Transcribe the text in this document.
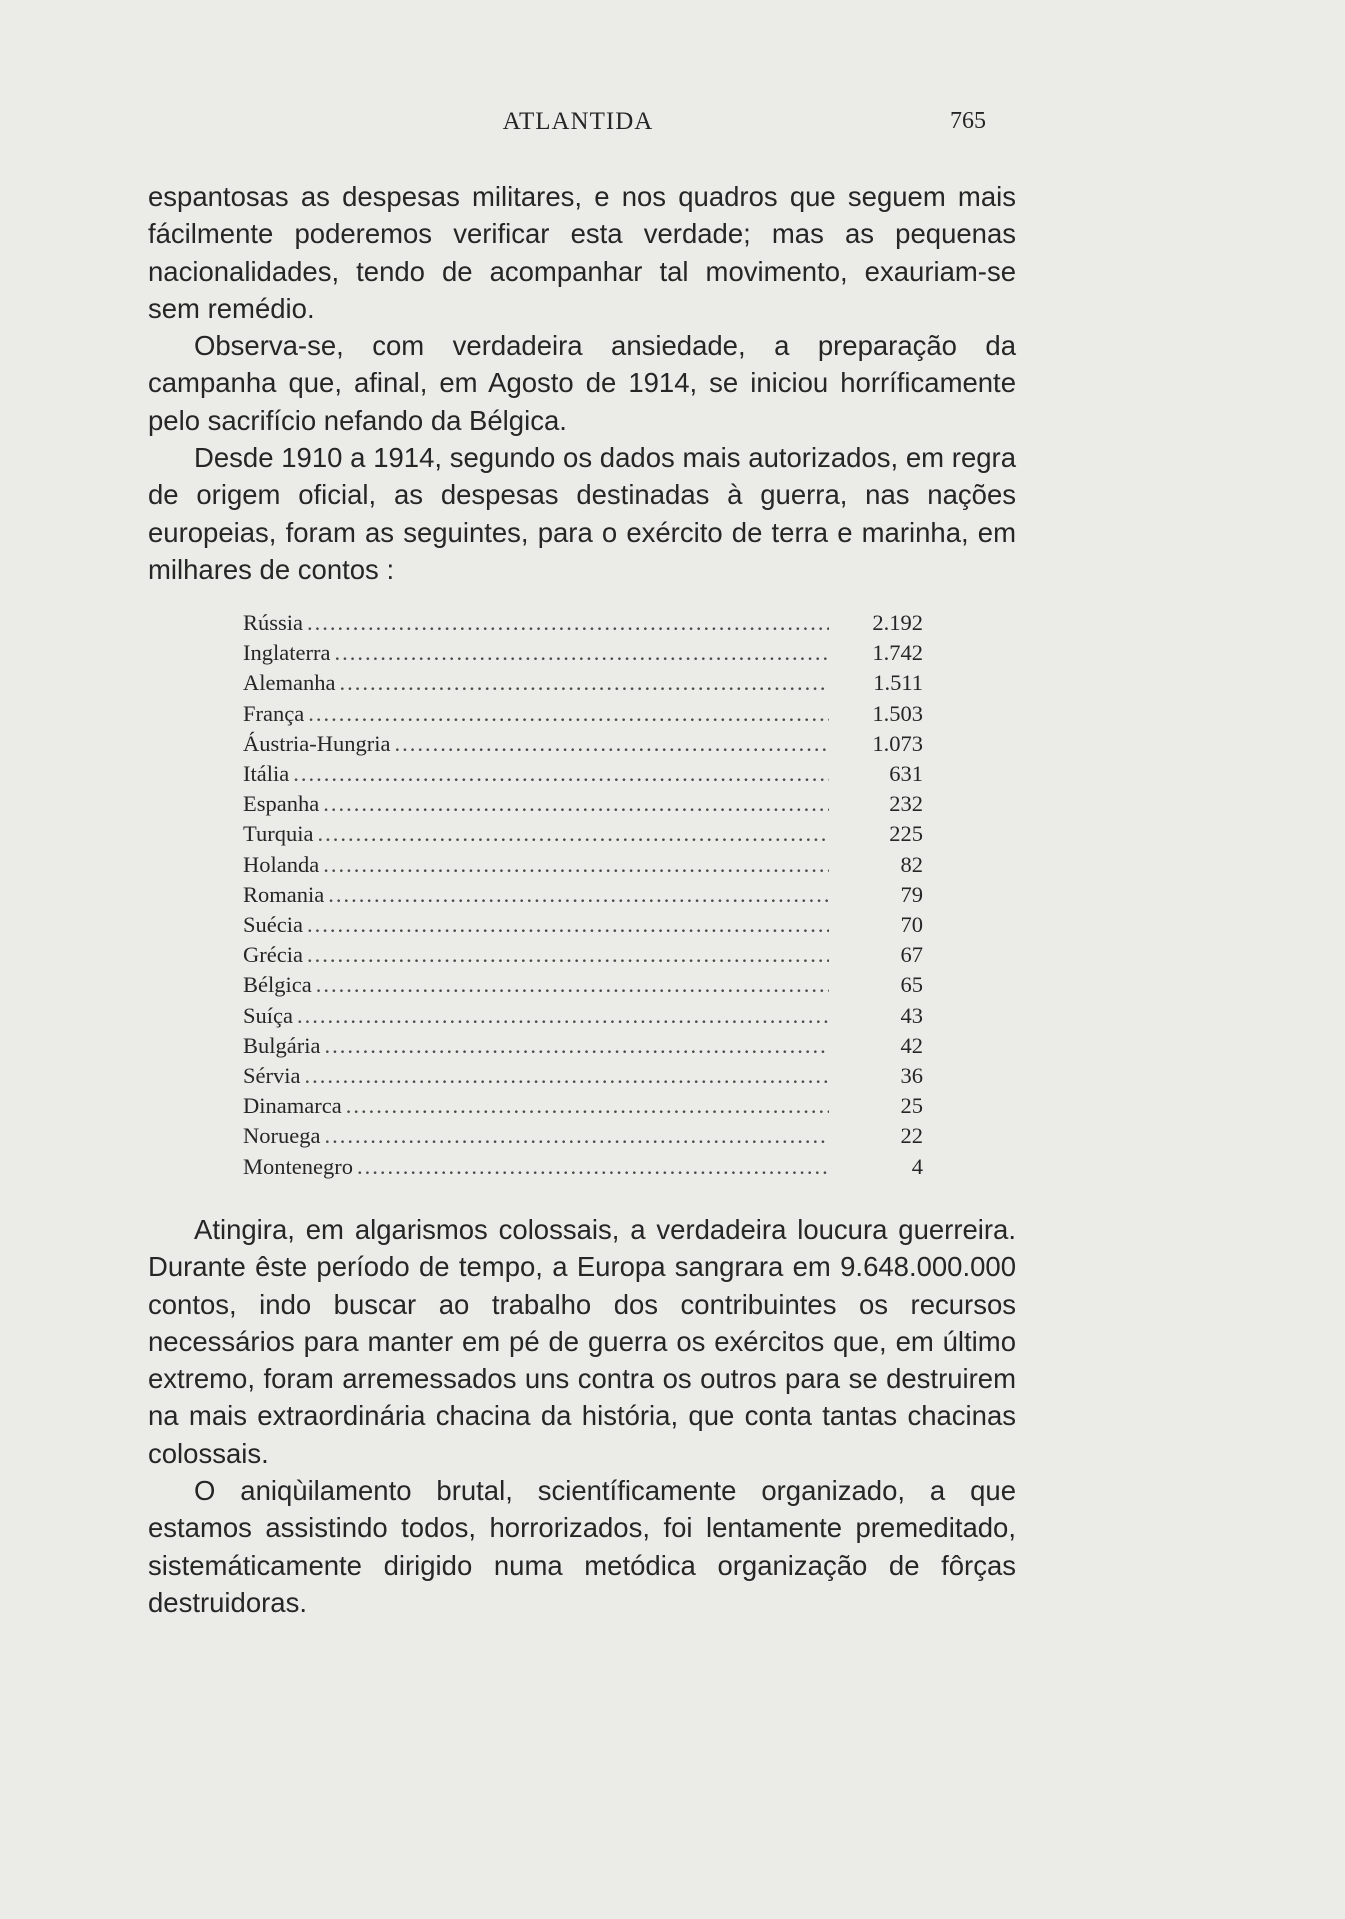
ATLANTIDA	765

espantosas as despesas militares, e nos quadros que seguem mais fácilmente poderemos verificar esta verdade; mas as pequenas nacionalidades, tendo de acompanhar tal movimento, exauriam-se sem remédio.

Observa-se, com verdadeira ansiedade, a preparação da campanha que, afinal, em Agosto de 1914, se iniciou horríficamente pelo sacrifício nefando da Bélgica.

Desde 1910 a 1914, segundo os dados mais autorizados, em regra de origem oficial, as despesas destinadas à guerra, nas nações europeias, foram as seguintes, para o exército de terra e marinha, em milhares de contos :

Rússia .....	2.192
Inglaterra .....	1.742
Alemanha .....	1.511
França .....	1.503
Áustria-Hungria .....	1.073
Itália .....	631
Espanha .....	232
Turquia .....	225
Holanda .....	82
Romania .....	79
Suécia .....	70
Grécia .....	67
Bélgica .....	65
Suíça .....	43
Bulgária .....	42
Sérvia .....	36
Dinamarca .....	25
Noruega .....	22
Montenegro .....	4

Atingira, em algarismos colossais, a verdadeira loucura guerreira. Durante êste período de tempo, a Europa sangrara em 9.648.000.000 contos, indo buscar ao trabalho dos contribuintes os recursos necessários para manter em pé de guerra os exércitos que, em último extremo, foram arremessados uns contra os outros para se destruirem na mais extraordinária chacina da história, que conta tantas chacinas colossais.

O aniqùilamento brutal, scientíficamente organizado, a que estamos assistindo todos, horrorizados, foi lentamente premeditado, sistemáticamente dirigido numa metódica organização de fôrças destruidoras.
